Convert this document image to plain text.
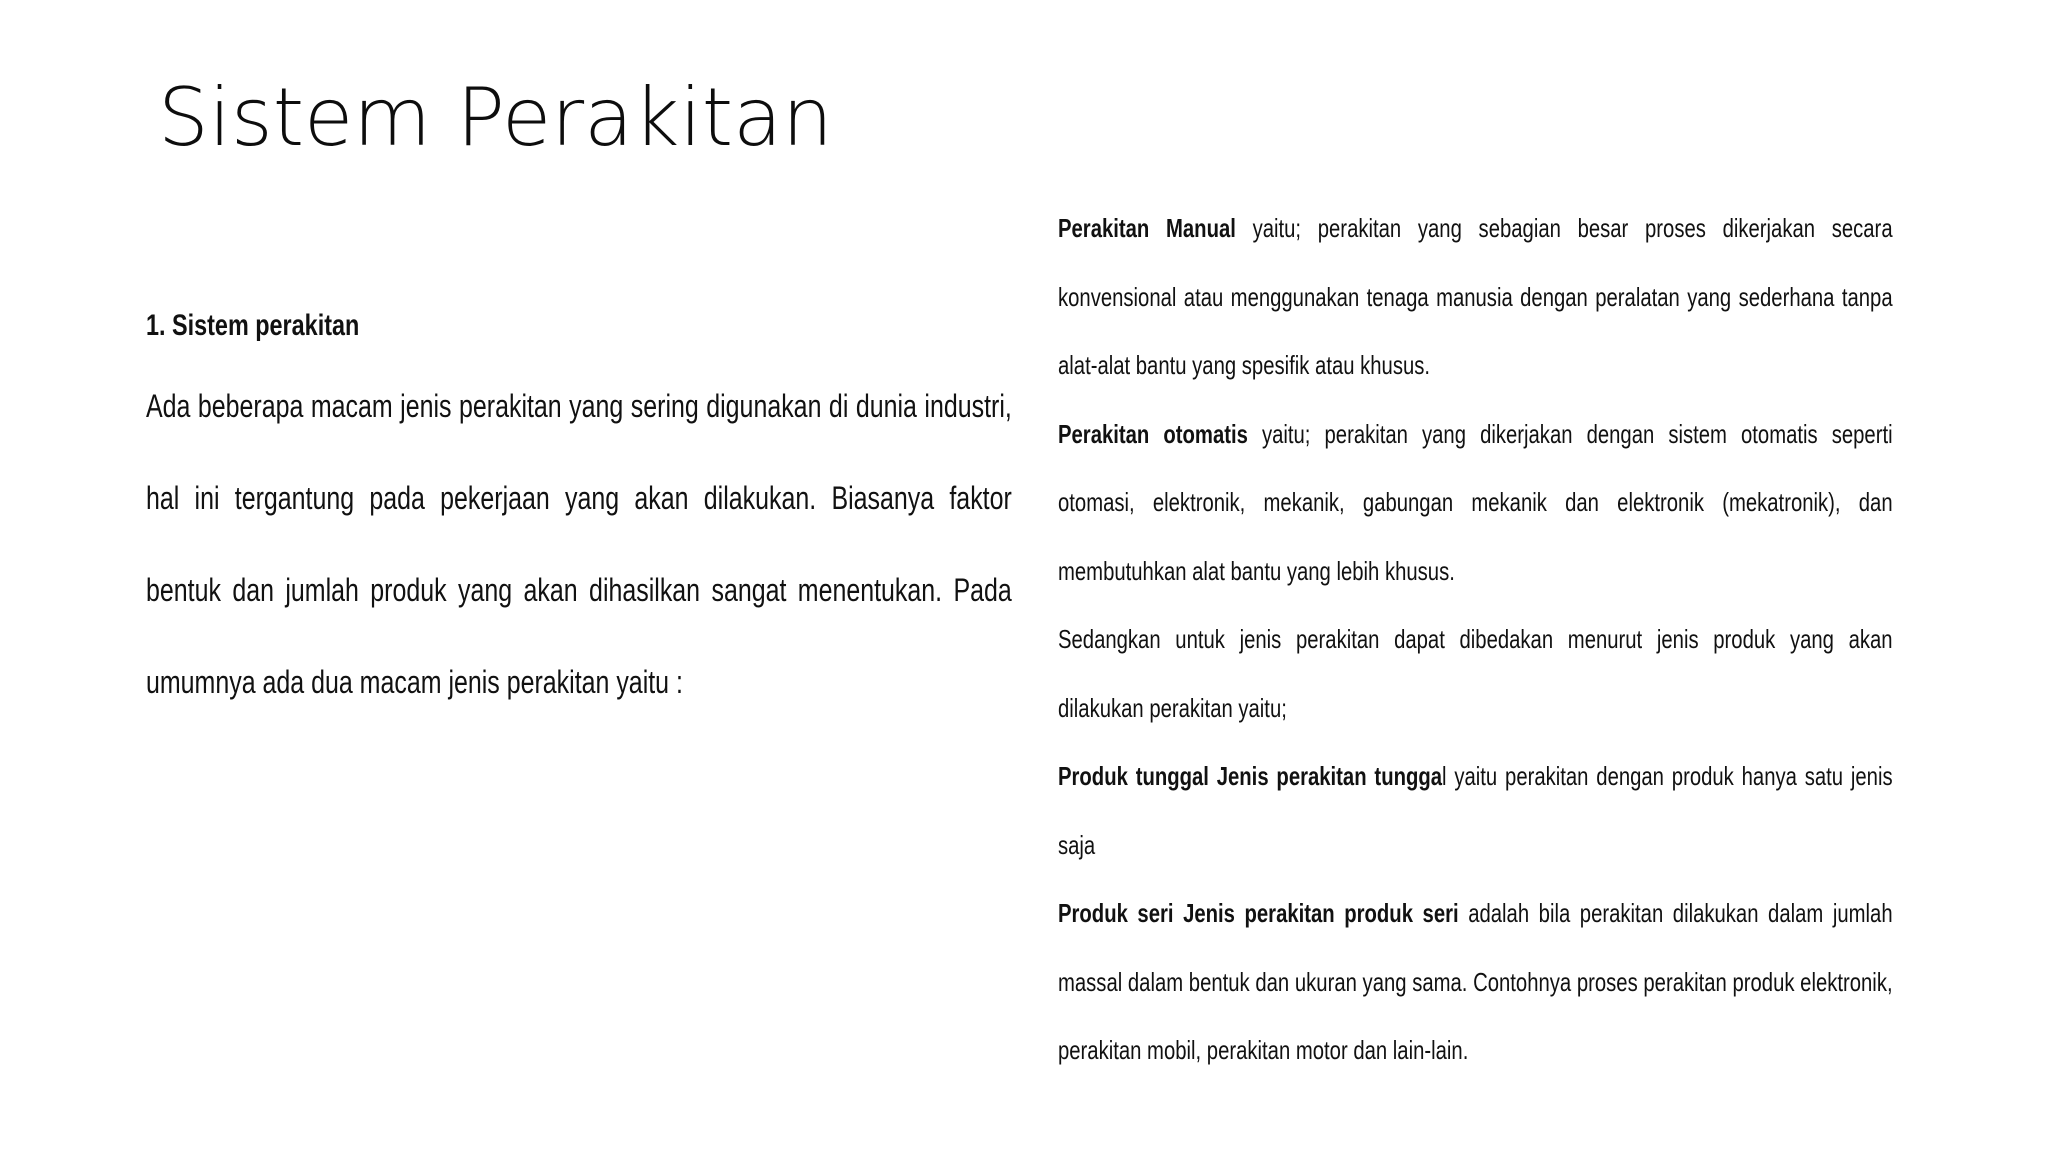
Sistem Perakitan

1. Sistem perakitan

Ada beberapa macam jenis perakitan yang sering digunakan di dunia industri, hal ini tergantung pada pekerjaan yang akan dilakukan. Biasanya faktor bentuk dan jumlah produk yang akan dihasilkan sangat menentukan. Pada umumnya ada dua macam jenis perakitan yaitu :

Perakitan Manual yaitu; perakitan yang sebagian besar proses dikerjakan secara konvensional atau menggunakan tenaga manusia dengan peralatan yang sederhana tanpa alat-alat bantu yang spesifik atau khusus.

Perakitan otomatis yaitu; perakitan yang dikerjakan dengan sistem otomatis seperti otomasi, elektronik, mekanik, gabungan mekanik dan elektronik (mekatronik), dan membutuhkan alat bantu yang lebih khusus.

Sedangkan untuk jenis perakitan dapat dibedakan menurut jenis produk yang akan dilakukan perakitan yaitu;

Produk tunggal Jenis perakitan tunggal yaitu perakitan dengan produk hanya satu jenis saja

Produk seri Jenis perakitan produk seri adalah bila perakitan dilakukan dalam jumlah massal dalam bentuk dan ukuran yang sama. Contohnya proses perakitan produk elektronik, perakitan mobil, perakitan motor dan lain-lain.
